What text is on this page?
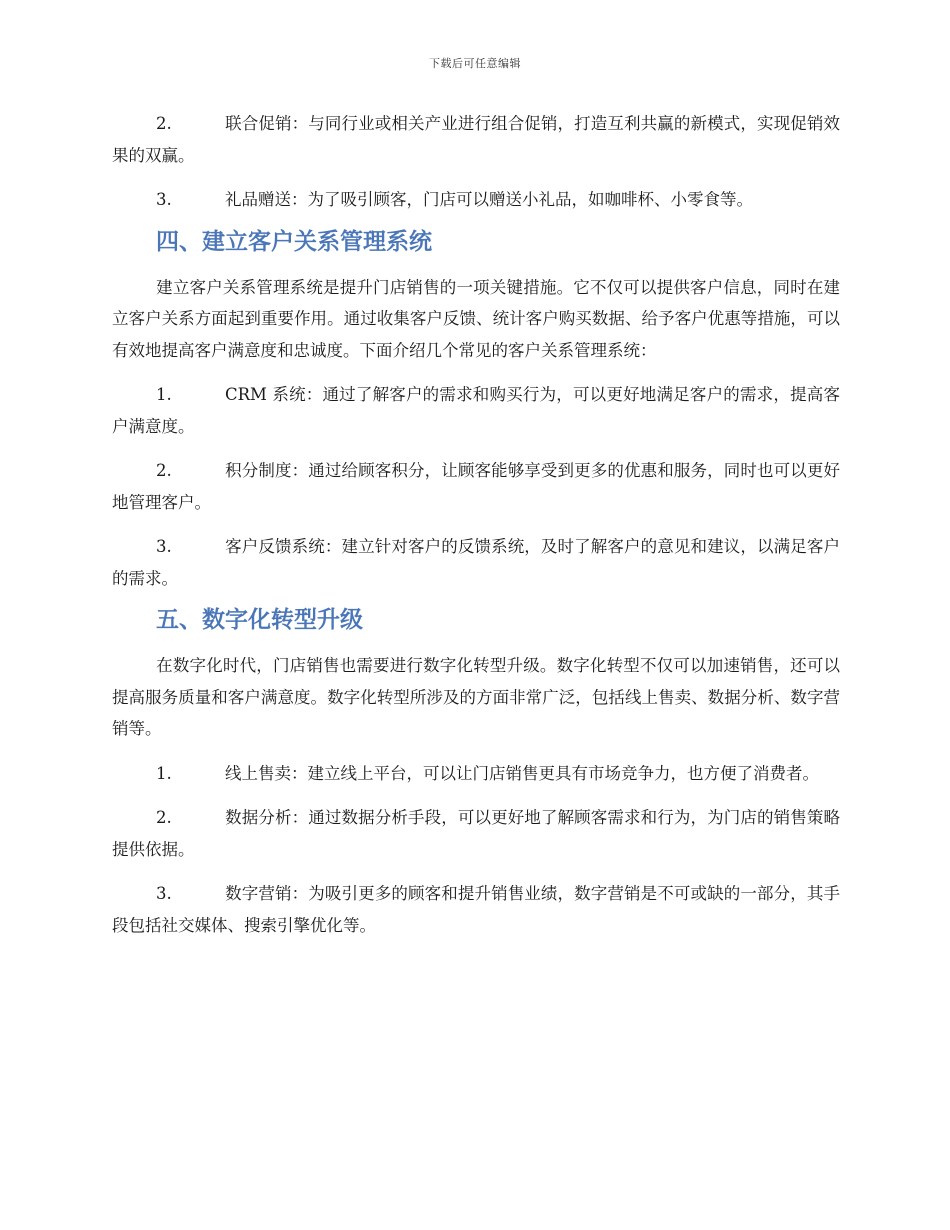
下载后可任意编辑

2.	联合促销：与同行业或相关产业进行组合促销，打造互利共赢的新模式，实现促销效果的双赢。

3.	礼品赠送：为了吸引顾客，门店可以赠送小礼品，如咖啡杯、小零食等。

四、建立客户关系管理系统

建立客户关系管理系统是提升门店销售的一项关键措施。它不仅可以提供客户信息，同时在建立客户关系方面起到重要作用。通过收集客户反馈、统计客户购买数据、给予客户优惠等措施，可以有效地提高客户满意度和忠诚度。下面介绍几个常见的客户关系管理系统：

1.	CRM 系统：通过了解客户的需求和购买行为，可以更好地满足客户的需求，提高客户满意度。

2.	积分制度：通过给顾客积分，让顾客能够享受到更多的优惠和服务，同时也可以更好地管理客户。

3.	客户反馈系统：建立针对客户的反馈系统，及时了解客户的意见和建议，以满足客户的需求。

五、数字化转型升级

在数字化时代，门店销售也需要进行数字化转型升级。数字化转型不仅可以加速销售，还可以提高服务质量和客户满意度。数字化转型所涉及的方面非常广泛，包括线上售卖、数据分析、数字营销等。

1.	线上售卖：建立线上平台，可以让门店销售更具有市场竞争力，也方便了消费者。

2.	数据分析：通过数据分析手段，可以更好地了解顾客需求和行为，为门店的销售策略提供依据。

3.	数字营销：为吸引更多的顾客和提升销售业绩，数字营销是不可或缺的一部分，其手段包括社交媒体、搜索引擎优化等。
